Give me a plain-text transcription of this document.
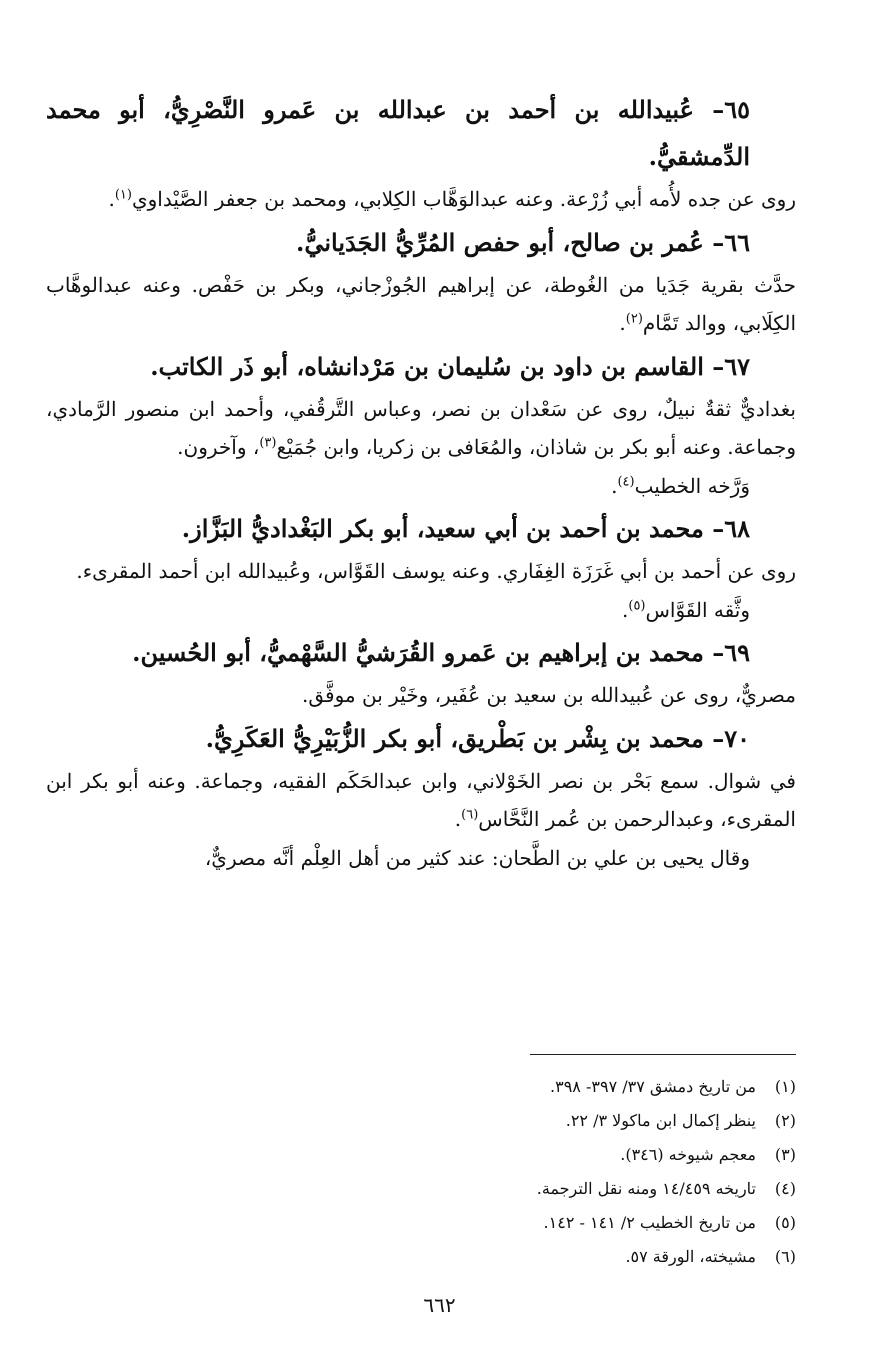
٦٥– عُبيدالله بن أحمد بن عبدالله بن عَمرو النَّصْرِيُّ، أبو محمد الدِّمشقيُّ.

روى عن جده لأُمه أبي زُرْعة. وعنه عبدالوَهَّاب الكِلابي، ومحمد بن جعفر الصَّيْداوي$^{(١)}$.

٦٦– عُمر بن صالح، أبو حفص المُرِّيُّ الجَدَيانيُّ.

حدَّث بقرية جَدَيا من الغُوطة، عن إبراهيم الجُوزْجاني، وبكر بن حَفْص. وعنه عبدالوهَّاب الكِلَابي، ووالد تَمَّام$^{(٢)}$.

٦٧– القاسم بن داود بن سُليمان بن مَرْدانشاه، أبو ذَر الكاتب.

بغداديٌّ ثقةٌ نبيلٌ، روى عن سَعْدان بن نصر، وعباس التَّرقُفي، وأحمد ابن منصور الرَّمادي، وجماعة. وعنه أبو بكر بن شاذان، والمُعَافى بن زكريا، وابن جُمَيْع$^{(٣)}$، وآخرون.

وَرَّخه الخطيب$^{(٤)}$.

٦٨– محمد بن أحمد بن أبي سعيد، أبو بكر البَغْداديُّ البَزَّاز.

روى عن أحمد بن أبي غَرَزَة الغِفَاري. وعنه يوسف القَوَّاس، وعُبيدالله ابن أحمد المقرىء.

وثَّقه القَوَّاس$^{(٥)}$.

٦٩– محمد بن إبراهيم بن عَمرو القُرَشيُّ السَّهْميُّ، أبو الحُسين.

مصريٌّ، روى عن عُبيدالله بن سعيد بن عُفَير، وخَيْر بن موفَّق.

٧٠– محمد بن بِشْر بن بَطْريق، أبو بكر الزُّبَيْرِيُّ العَكَرِيُّ.

في شوال. سمع بَحْر بن نصر الخَوْلاني، وابن عبدالحَكَم الفقيه، وجماعة. وعنه أبو بكر ابن المقرىء، وعبدالرحمن بن عُمر النَّحَّاس$^{(٦)}$.

وقال يحيى بن علي بن الطَّحان: عند كثير من أهل العِلْم أنَّه مصريٌّ،

(١)من تاريخ دمشق ٣٧/ ٣٩٧- ٣٩٨.
(٢)ينظر إكمال ابن ماكولا ٣/ ٢٢.
(٣)معجم شيوخه (٣٤٦).
(٤)تاريخه ١٤/٤٥٩ ومنه نقل الترجمة.
(٥)من تاريخ الخطيب ٢/ ١٤١ - ١٤٢.
(٦)مشيخته، الورقة ٥٧.
٦٦٢
